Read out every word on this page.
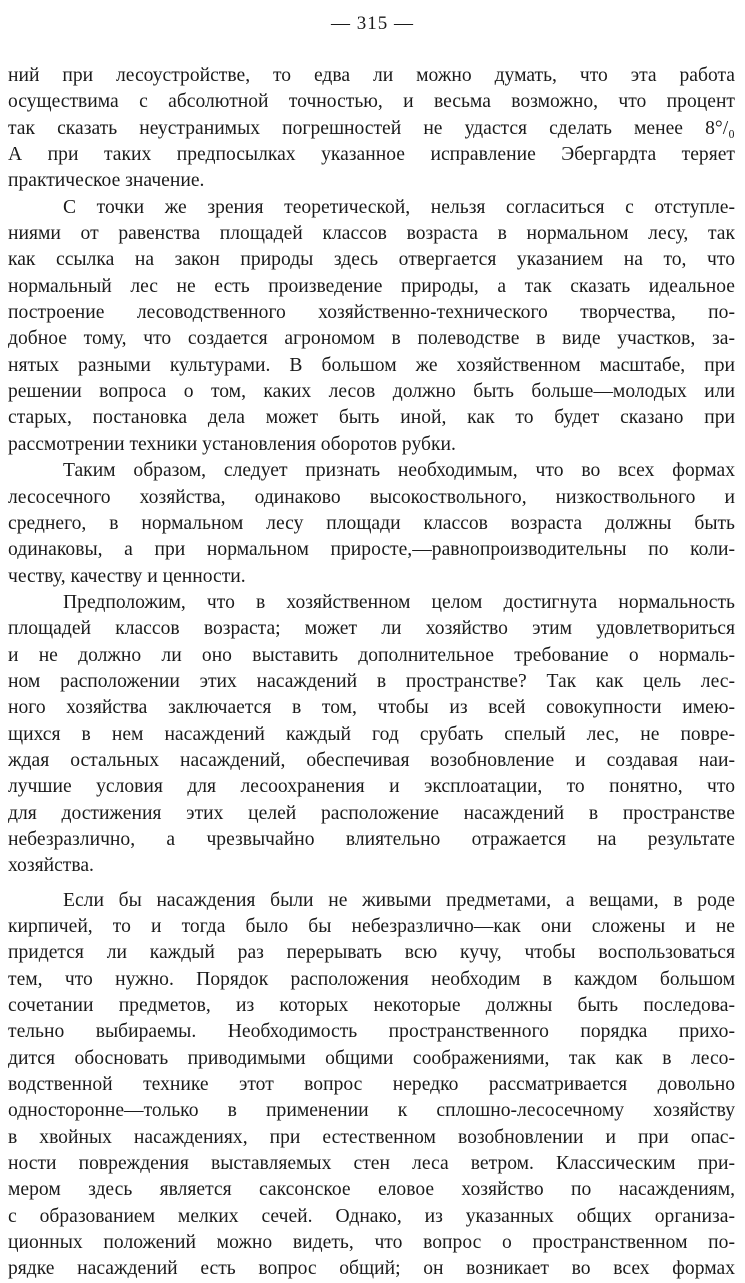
— 315 —
ний при лесоустройстве, то едва ли можно думать, что эта работа
осуществима с абсолютной точностью, и весьма возможно, что процент
так сказать неустранимых погрешностей не удастся сделать менее 8°/₀
А при таких предпосылках указанное исправление Эбергардта теряет
практическое значение.
С точки же зрения теоретической, нельзя согласиться с отступле-
ниями от равенства площадей классов возраста в нормальном лесу, так
как ссылка на закон природы здесь отвергается указанием на то, что
нормальный лес не есть произведение природы, а так сказать идеальное
построение лесоводственного хозяйственно-технического творчества, по-
добное тому, что создается агрономом в полеводстве в виде участков, за-
нятых разными культурами. В большом же хозяйственном масштабе, при
решении вопроса о том, каких лесов должно быть больше—молодых или
старых, постановка дела может быть иной, как то будет сказано при
рассмотрении техники установления оборотов рубки.
Таким образом, следует признать необходимым, что во всех формах
лесосечного хозяйства, одинаково высокоствольного, низкоствольного и
среднего, в нормальном лесу площади классов возраста должны быть
одинаковы, а при нормальном приросте,—равнопроизводительны по коли-
честву, качеству и ценности.
Предположим, что в хозяйственном целом достигнута нормальность
площадей классов возраста; может ли хозяйство этим удовлетвориться
и не должно ли оно выставить дополнительное требование о нормаль-
ном расположении этих насаждений в пространстве? Так как цель лес-
ного хозяйства заключается в том, чтобы из всей совокупности имею-
щихся в нем насаждений каждый год срубать спелый лес, не повре-
ждая остальных насаждений, обеспечивая возобновление и создавая наи-
лучшие условия для лесоохранения и эксплоатации, то понятно, что
для достижения этих целей расположение насаждений в пространстве
небезразлично, а чрезвычайно влиятельно отражается на результате
хозяйства.
Если бы насаждения были не живыми предметами, а вещами, в роде
кирпичей, то и тогда было бы небезразлично—как они сложены и не
придется ли каждый раз перерывать всю кучу, чтобы воспользоваться
тем, что нужно. Порядок расположения необходим в каждом большом
сочетании предметов, из которых некоторые должны быть последова-
тельно выбираемы. Необходимость пространственного порядка прихо-
дится обосновать приводимыми общими соображениями, так как в лесо-
водственной технике этот вопрос нередко рассматривается довольно
односторонне—только в применении к сплошно-лесосечному хозяйству
в хвойных насаждениях, при естественном возобновлении и при опас-
ности повреждения выставляемых стен леса ветром. Классическим при-
мером здесь является саксонское еловое хозяйство по насаждениям,
с образованием мелких сечей. Однако, из указанных общих организа-
ционных положений можно видеть, что вопрос о пространственном по-
рядке насаждений есть вопрос общий; он возникает во всех формах
